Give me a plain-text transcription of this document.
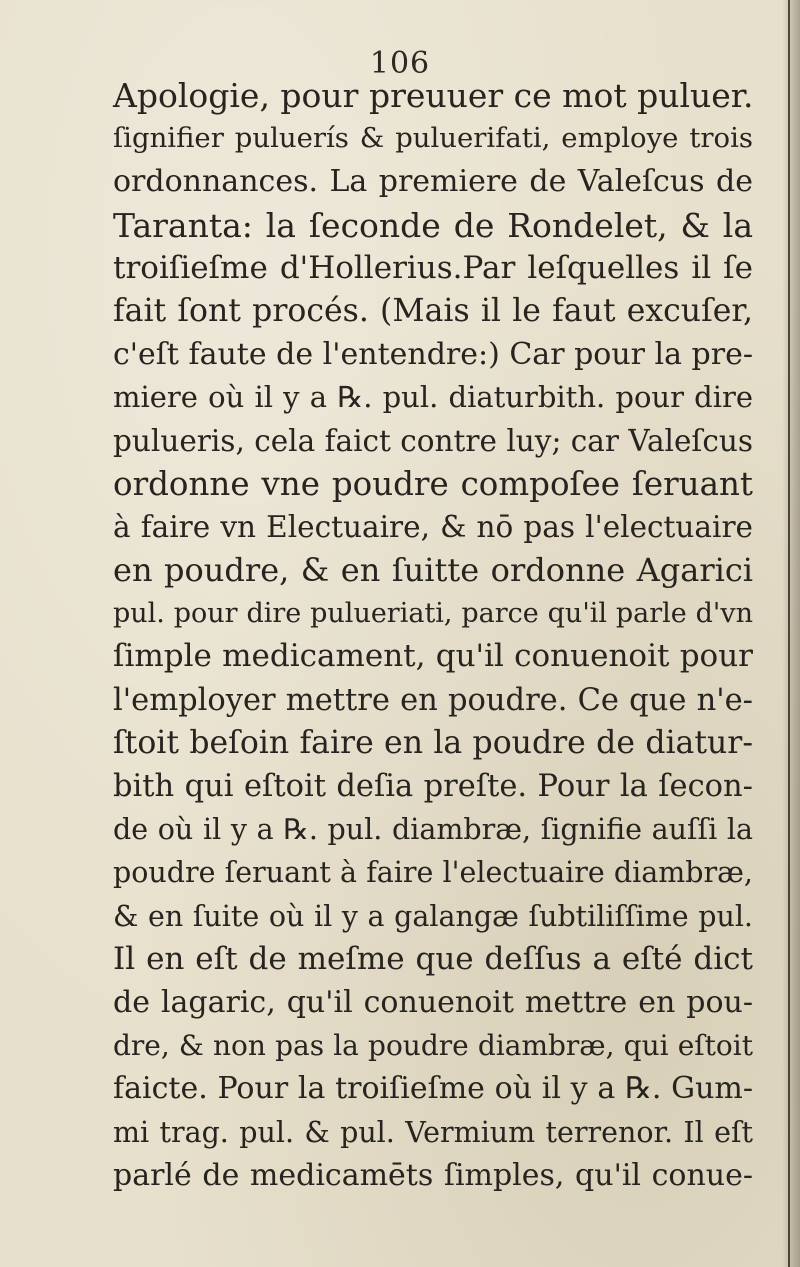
106
Apologie, pour preuuer ce mot puluer.
ſignifier puluerís & puluerifati, employe trois
ordonnances. La premiere de Valeſcus de
Taranta: la ſeconde de Rondelet, & la
troiſieſme d'Hollerius.Par leſquelles il ſe
fait ſont procés. (Mais il le faut excuſer,
c'eſt faute de l'entendre:) Car pour la pre-
miere où il y a ℞. pul. diaturbith. pour dire
pulueris, cela faict contre luy; car Valeſcus
ordonne vne poudre compoſee ſeruant
à faire vn Electuaire, & nō pas l'electuaire
en poudre, & en ſuitte ordonne Agarici
pul. pour dire pulueriati, parce qu'il parle d'vn
ſimple medicament, qu'il conuenoit pour
l'employer mettre en poudre. Ce que n'e-
ſtoit beſoin faire en la poudre de diatur-
bith qui eſtoit deſia preſte. Pour la ſecon-
de où il y a ℞. pul. diambræ, ſignifie auſſi la
poudre ſeruant à faire l'electuaire diambræ,
& en ſuite où il y a galangæ ſubtiliſſime pul.
Il en eſt de meſme que deſſus a eſté dict
de lagaric, qu'il conuenoit mettre en pou-
dre, & non pas la poudre diambræ, qui eſtoit
faicte. Pour la troiſieſme où il y a ℞. Gum-
mi trag. pul. & pul. Vermium terrenor. Il eſt
parlé de medicamēts ſimples, qu'il conue-
